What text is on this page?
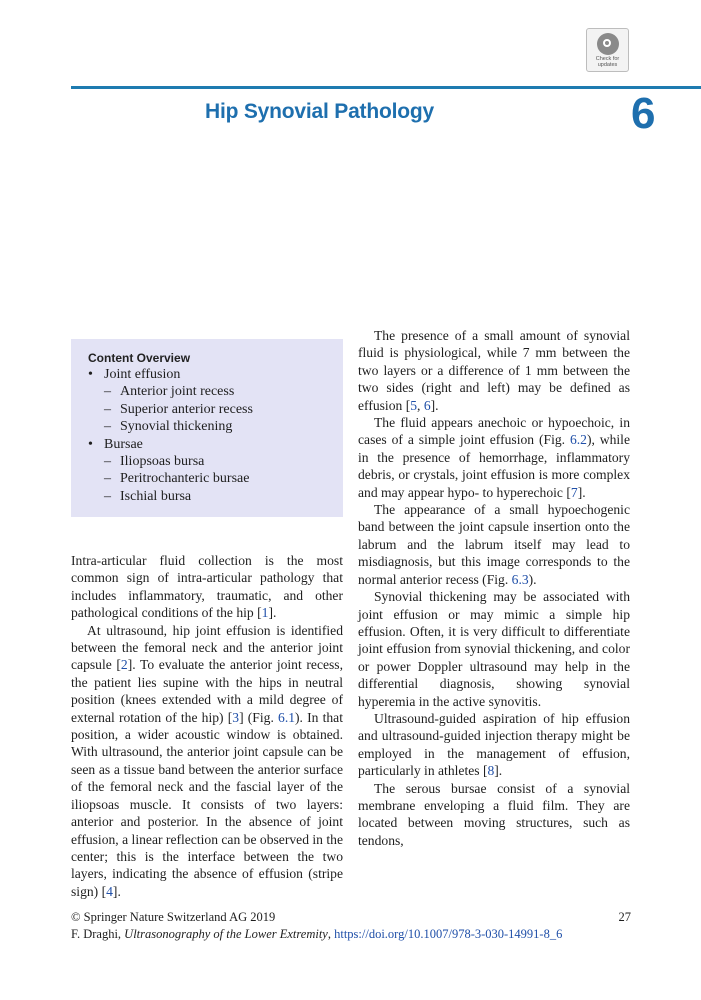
Check for
updates
Hip Synovial Pathology	6
Content Overview
• Joint effusion
– Anterior joint recess
– Superior anterior recess
– Synovial thickening
• Bursae
– Iliopsoas bursa
– Peritrochanteric bursae
– Ischial bursa

Intra-articular fluid collection is the most common sign of intra-articular pathology that includes inflammatory, traumatic, and other pathological conditions of the hip [1].

At ultrasound, hip joint effusion is identified between the femoral neck and the anterior joint capsule [2]. To evaluate the anterior joint recess, the patient lies supine with the hips in neutral position (knees extended with a mild degree of external rotation of the hip) [3] (Fig. 6.1). In that position, a wider acoustic window is obtained. With ultrasound, the anterior joint capsule can be seen as a tissue band between the anterior surface of the femoral neck and the fascial layer of the iliopsoas muscle. It consists of two layers: anterior and posterior. In the absence of joint effusion, a linear reflection can be observed in the center; this is the interface between the two layers, indicating the absence of effusion (stripe sign) [4].

The presence of a small amount of synovial fluid is physiological, while 7 mm between the two layers or a difference of 1 mm between the two sides (right and left) may be defined as effusion [5, 6].

The fluid appears anechoic or hypoechoic, in cases of a simple joint effusion (Fig. 6.2), while in the presence of hemorrhage, inflammatory debris, or crystals, joint effusion is more complex and may appear hypo- to hyperechoic [7].

The appearance of a small hypoechogenic band between the joint capsule insertion onto the labrum and the labrum itself may lead to misdiagnosis, but this image corresponds to the normal anterior recess (Fig. 6.3).

Synovial thickening may be associated with joint effusion or may mimic a simple hip effusion. Often, it is very difficult to differentiate joint effusion from synovial thickening, and color or power Doppler ultrasound may help in the differential diagnosis, showing synovial hyperemia in the active synovitis.

Ultrasound-guided aspiration of hip effusion and ultrasound-guided injection therapy might be employed in the management of effusion, particularly in athletes [8].

The serous bursae consist of a synovial membrane enveloping a fluid film. They are located between moving structures, such as tendons,

© Springer Nature Switzerland AG 2019	27
F. Draghi, Ultrasonography of the Lower Extremity, https://doi.org/10.1007/978-3-030-14991-8_6
